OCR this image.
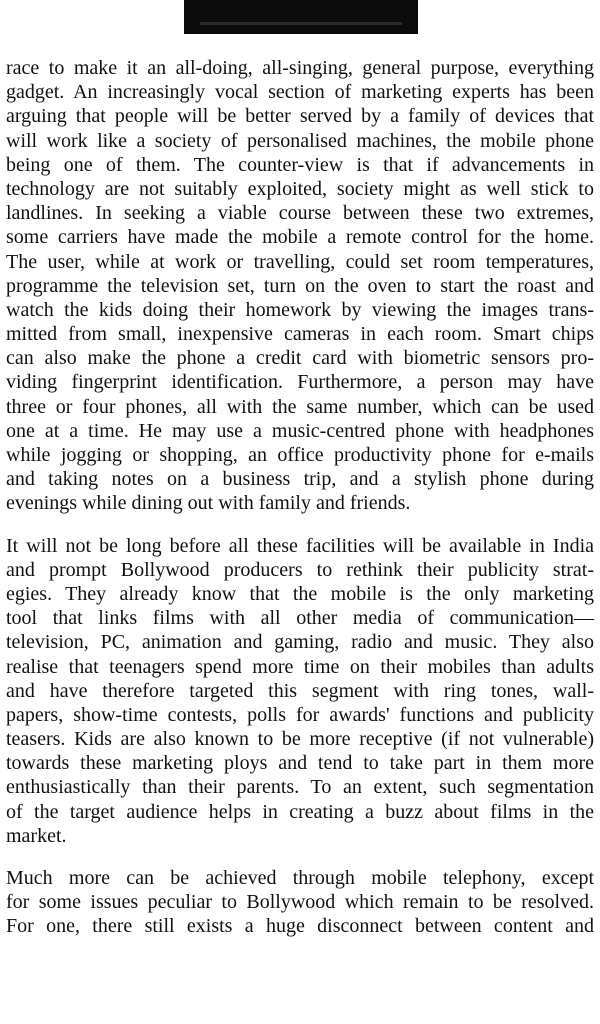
race to make it an all-doing, all-singing, general purpose, everything
gadget. An increasingly vocal section of marketing experts has been
arguing that people will be better served by a family of devices that
will work like a society of personalised machines, the mobile phone
being one of them. The counter-view is that if advancements in
technology are not suitably exploited, society might as well stick to
landlines. In seeking a viable course between these two extremes,
some carriers have made the mobile a remote control for the home.
The user, while at work or travelling, could set room temperatures,
programme the television set, turn on the oven to start the roast and
watch the kids doing their homework by viewing the images trans-
mitted from small, inexpensive cameras in each room. Smart chips
can also make the phone a credit card with biometric sensors pro-
viding fingerprint identification. Furthermore, a person may have
three or four phones, all with the same number, which can be used
one at a time. He may use a music-centred phone with headphones
while jogging or shopping, an office productivity phone for e-mails
and taking notes on a business trip, and a stylish phone during
evenings while dining out with family and friends.
It will not be long before all these facilities will be available in India
and prompt Bollywood producers to rethink their publicity strat-
egies. They already know that the mobile is the only marketing
tool that links films with all other media of communication—
television, PC, animation and gaming, radio and music. They also
realise that teenagers spend more time on their mobiles than adults
and have therefore targeted this segment with ring tones, wall-
papers, show-time contests, polls for awards' functions and publicity
teasers. Kids are also known to be more receptive (if not vulnerable)
towards these marketing ploys and tend to take part in them more
enthusiastically than their parents. To an extent, such segmentation
of the target audience helps in creating a buzz about films in the
market.
Much more can be achieved through mobile telephony, except
for some issues peculiar to Bollywood which remain to be resolved.
For one, there still exists a huge disconnect between content and
